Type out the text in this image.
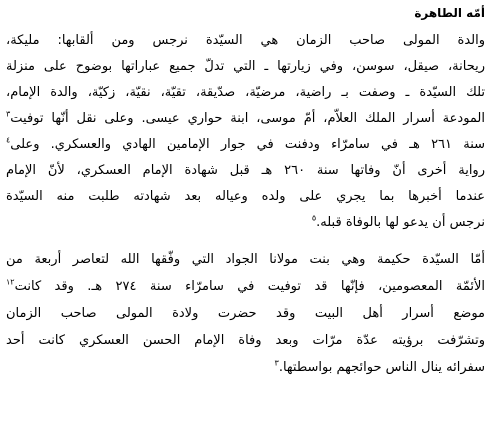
أمّه الطاهرة
والدة المولى صاحب الزمان هي السيّدة نرجس ومن ألقابها: مليكة،
ريحانة، صيقل، سوسن، وفي زيارتها ـ التي تدلّ جميع عباراتها بوضوح على منزلة
تلك السيّدة ـ وصفت بـ راضية، مرضيّة، صدّيقة، تقيّة، نقيّة، زكيّة، والدة الإمام،
المودعة أسرار الملك العلاّم، أمّ موسى، ابنة حواري عيسى. وعلى نقل أنّها توفيت$^٣$
سنة ٢٦١ هـ في سامرّاء ودفنت في جوار الإمامين الهادي والعسكري. وعلى$^٤$
رواية أخرى أنّ وفاتها سنة ٢٦٠ هـ قبل شهادة الإمام العسكري، لأنّ الإمام
عندما أخبرها بما يجري على ولده وعياله بعد شهادته طلبت منه السيّدة
نرجس أن يدعو لها بالوفاة قبله.$^٥$
أمّا السيّدة حكيمة وهي بنت مولانا الجواد التي وفّقها الله لتعاصر أربعة من
الأئمّة المعصومين، فإنّها قد توفيت في سامرّاء سنة ٢٧٤ هـ. وقد كانت$^{١٢}$
موضع أسرار أهل البيت وقد حضرت ولادة المولى صاحب الزمان
وتشرّفت برؤيته عدّة مرّات وبعد وفاة الإمام الحسن العسكري كانت أحد
سفرائه ينال الناس حوائجهم بواسطتها.$^٣$
